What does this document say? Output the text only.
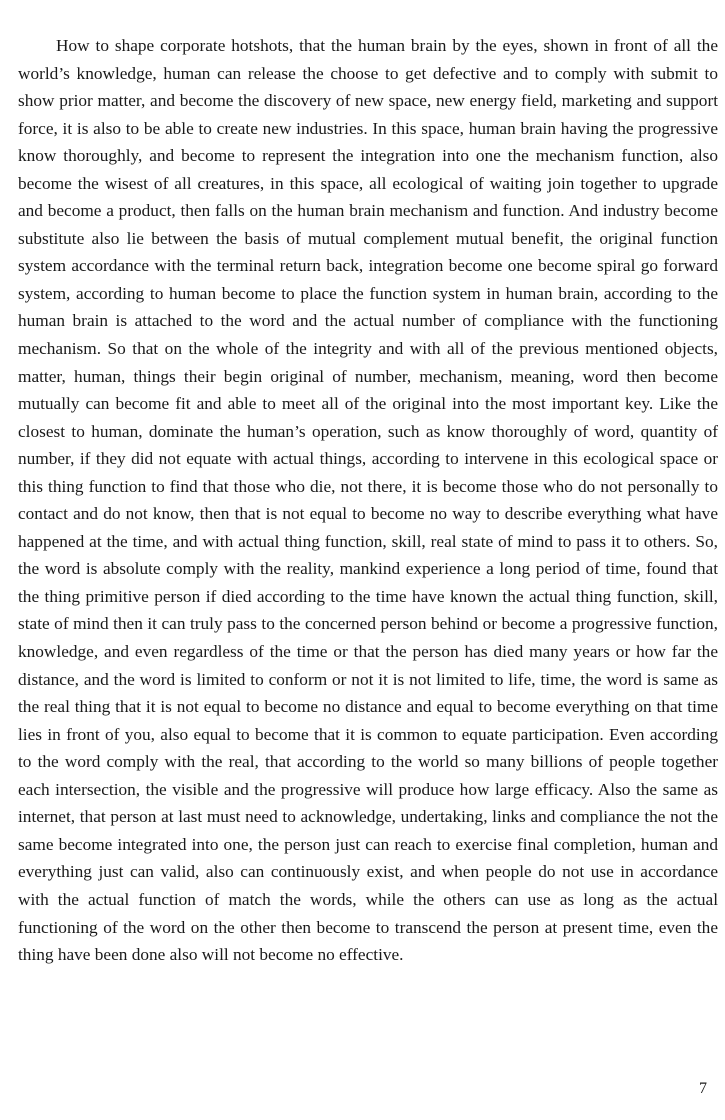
How to shape corporate hotshots, that the human brain by the eyes, shown in front of all the world’s knowledge, human can release the choose to get defective and to comply with submit to show prior matter, and become the discovery of new space, new energy field, marketing and support force, it is also to be able to create new industries. In this space, human brain having the progressive know thoroughly, and become to represent the integration into one the mechanism function, also become the wisest of all creatures, in this space, all ecological of waiting join together to upgrade and become a product, then falls on the human brain mechanism and function. And industry become substitute also lie between the basis of mutual complement mutual benefit, the original function system accordance with the terminal return back, integration become one become spiral go forward system, according to human become to place the function system in human brain, according to the human brain is attached to the word and the actual number of compliance with the functioning mechanism. So that on the whole of the integrity and with all of the previous mentioned objects, matter, human, things their begin original of number, mechanism, meaning, word then become mutually can become fit and able to meet all of the original into the most important key. Like the closest to human, dominate the human’s operation, such as know thoroughly of word, quantity of number, if they did not equate with actual things, according to intervene in this ecological space or this thing function to find that those who die, not there, it is become those who do not personally to contact and do not know, then that is not equal to become no way to describe everything what have happened at the time, and with actual thing function, skill, real state of mind to pass it to others. So, the word is absolute comply with the reality, mankind experience a long period of time, found that the thing primitive person if died according to the time have known the actual thing function, skill, state of mind then it can truly pass to the concerned person behind or become a progressive function, knowledge, and even regardless of the time or that the person has died many years or how far the distance, and the word is limited to conform or not it is not limited to life, time, the word is same as the real thing that it is not equal to become no distance and equal to become everything on that time lies in front of you, also equal to become that it is common to equate participation. Even according to the word comply with the real, that according to the world so many billions of people together each intersection, the visible and the progressive will produce how large efficacy. Also the same as internet, that person at last must need to acknowledge, undertaking, links and compliance the not the same become integrated into one, the person just can reach to exercise final completion, human and everything just can valid, also can continuously exist, and when people do not use in accordance with the actual function of match the words, while the others can use as long as the actual functioning of the word on the other then become to transcend the person at present time, even the thing have been done also will not become no effective.

7
